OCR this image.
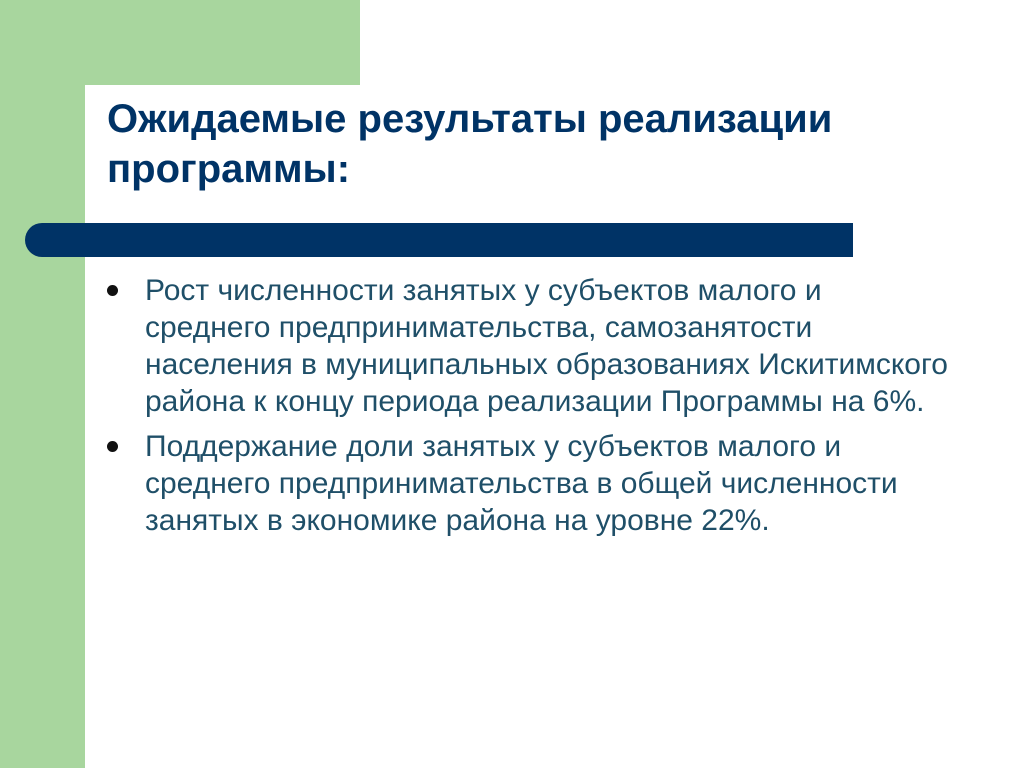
Ожидаемые результаты реализации программы:
Рост численности занятых у субъектов малого и среднего предпринимательства, самозанятости населения в муниципальных образованиях Искитимского района к концу периода реализации Программы на 6%.
Поддержание доли занятых у субъектов малого и среднего предпринимательства в общей численности занятых в экономике района на уровне 22%.
